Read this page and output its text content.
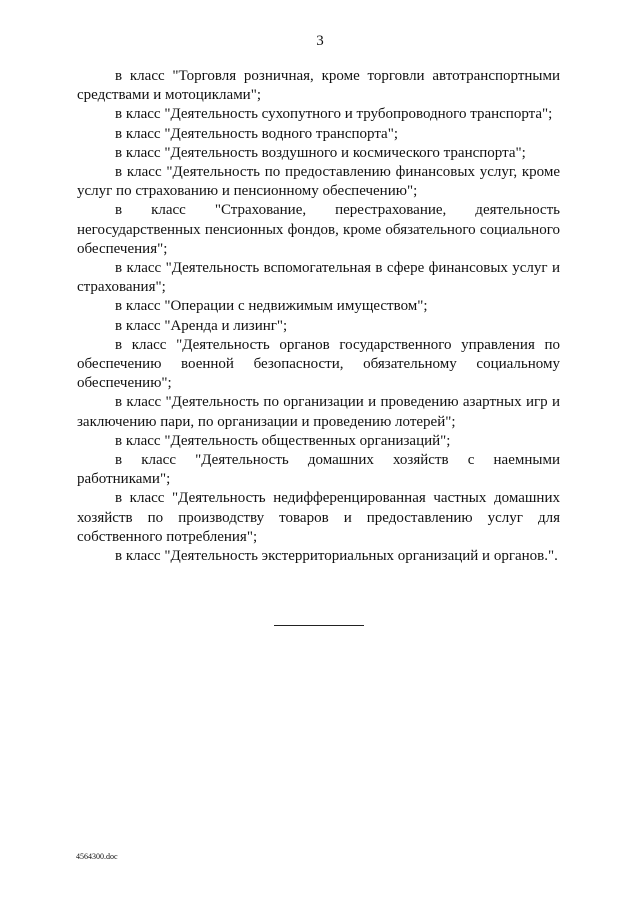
3

в класс "Торговля розничная, кроме торговли автотранспортными средствами и мотоциклами";

в класс "Деятельность сухопутного и трубопроводного транспорта";

в класс "Деятельность водного транспорта";

в класс "Деятельность воздушного и космического транспорта";

в класс "Деятельность по предоставлению финансовых услуг, кроме услуг по страхованию и пенсионному обеспечению";

в класс "Страхование, перестрахование, деятельность негосударственных пенсионных фондов, кроме обязательного социального обеспечения";

в класс "Деятельность вспомогательная в сфере финансовых услуг и страхования";

в класс "Операции с недвижимым имуществом";

в класс "Аренда и лизинг";

в класс "Деятельность органов государственного управления по обеспечению военной безопасности, обязательному социальному обеспечению";

в класс "Деятельность по организации и проведению азартных игр и заключению пари, по организации и проведению лотерей";

в класс "Деятельность общественных организаций";

в класс "Деятельность домашних хозяйств с наемными работниками";

в класс "Деятельность недифференцированная частных домашних хозяйств по производству товаров и предоставлению услуг для собственного потребления";

в класс "Деятельность экстерриториальных организаций и органов.".

4564300.doc
